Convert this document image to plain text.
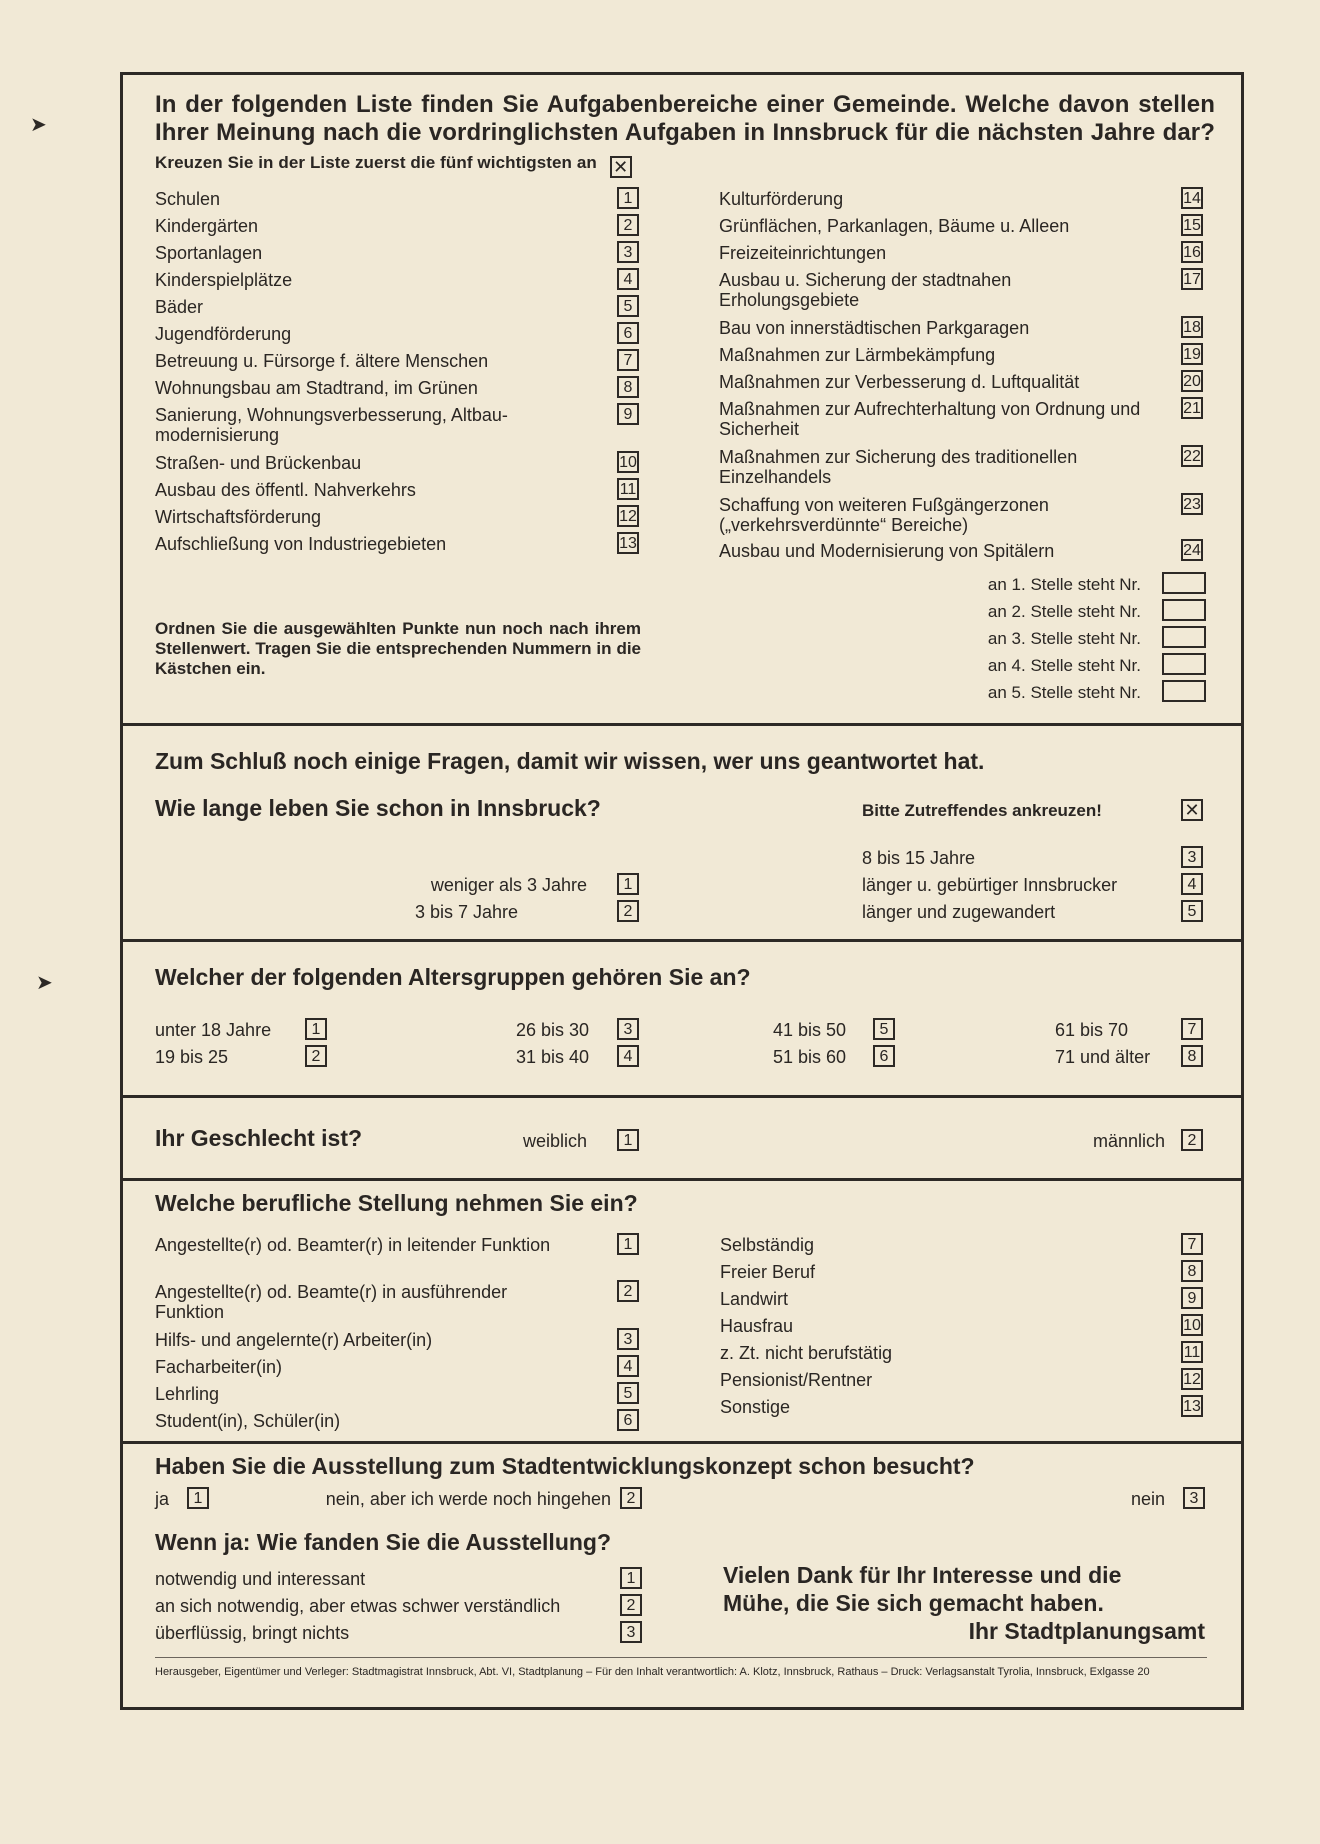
➤
➤
In der folgenden Liste finden Sie Aufgabenbereiche einer Gemeinde. Welche davon stellen Ihrer Meinung nach die vordringlichsten Aufgaben in Innsbruck für die nächsten Jahre dar? Kreuzen Sie in der Liste zuerst die fünf wichtigsten an ✕
Schulen	1
Kindergärten	2
Sportanlagen	3
Kinderspielplätze	4
Bäder	5
Jugendförderung	6
Betreuung u. Fürsorge f. ältere Menschen	7
Wohnungsbau am Stadtrand, im Grünen	8
Sanierung, Wohnungsverbesserung, Altbau-modernisierung
9
Straßen- und Brückenbau	10
Ausbau des öffentl. Nahverkehrs	11
Wirtschaftsförderung	12
Aufschließung von Industriegebieten	13
Kulturförderung	14
Grünflächen, Parkanlagen, Bäume u. Alleen	15
Freizeiteinrichtungen	16
Ausbau u. Sicherung der stadtnahen Erholungsgebiete
17
Bau von innerstädtischen Parkgaragen	18
Maßnahmen zur Lärmbekämpfung	19
Maßnahmen zur Verbesserung d. Luftqualität	20
Maßnahmen zur Aufrechterhaltung von Ordnung und Sicherheit
21
Maßnahmen zur Sicherung des traditionellen Einzelhandels
22
Schaffung von weiteren Fußgängerzonen („verkehrsverdünnte“ Bereiche)
23
Ausbau und Modernisierung von Spitälern	24
Ordnen Sie die ausgewählten Punkte nun noch nach ihrem Stellenwert. Tragen Sie die entsprechenden Nummern in die Kästchen ein.
an 1. Stelle steht Nr.
an 2. Stelle steht Nr.
an 3. Stelle steht Nr.
an 4. Stelle steht Nr.
an 5. Stelle steht Nr.
Zum Schluß noch einige Fragen, damit wir wissen, wer uns geantwortet hat.
Wie lange leben Sie schon in Innsbruck?	Bitte Zutreffendes ankreuzen!
✕
weniger als 3 Jahre	1
3 bis 7 Jahre	2
8 bis 15 Jahre	3
länger u. gebürtiger Innsbrucker	4
länger und zugewandert	5
Welcher der folgenden Altersgruppen gehören Sie an?
unter 18 Jahre	1
19 bis 25	2
26 bis 30	3
31 bis 40	4
41 bis 50	5
51 bis 60	6
61 bis 70	7
71 und älter	8
Ihr Geschlecht ist?	weiblich	1	männlich	2
Welche berufliche Stellung nehmen Sie ein?
Angestellte(r) od. Beamter(r) in leitender Funktion	1
Angestellte(r) od. Beamte(r) in ausführender Funktion
2
Hilfs- und angelernte(r) Arbeiter(in)	3
Facharbeiter(in)	4
Lehrling	5
Student(in), Schüler(in)	6
Selbständig	7
Freier Beruf	8
Landwirt	9
Hausfrau	10
z. Zt. nicht berufstätig	11
Pensionist/Rentner	12
Sonstige	13
Haben Sie die Ausstellung zum Stadtentwicklungskonzept schon besucht?
ja	1	nein, aber ich werde noch hingehen 2	nein	3
Wenn ja: Wie fanden Sie die Ausstellung?
notwendig und interessant	1
an sich notwendig, aber etwas schwer verständlich	2
überflüssig, bringt nichts	3
Vielen Dank für Ihr Interesse und die
Mühe, die Sie sich gemacht haben.
Ihr Stadtplanungsamt
Herausgeber, Eigentümer und Verleger: Stadtmagistrat Innsbruck, Abt. VI, Stadtplanung – Für den Inhalt verantwortlich: A. Klotz, Innsbruck, Rathaus – Druck: Verlagsanstalt Tyrolia, Innsbruck, Exlgasse 20
